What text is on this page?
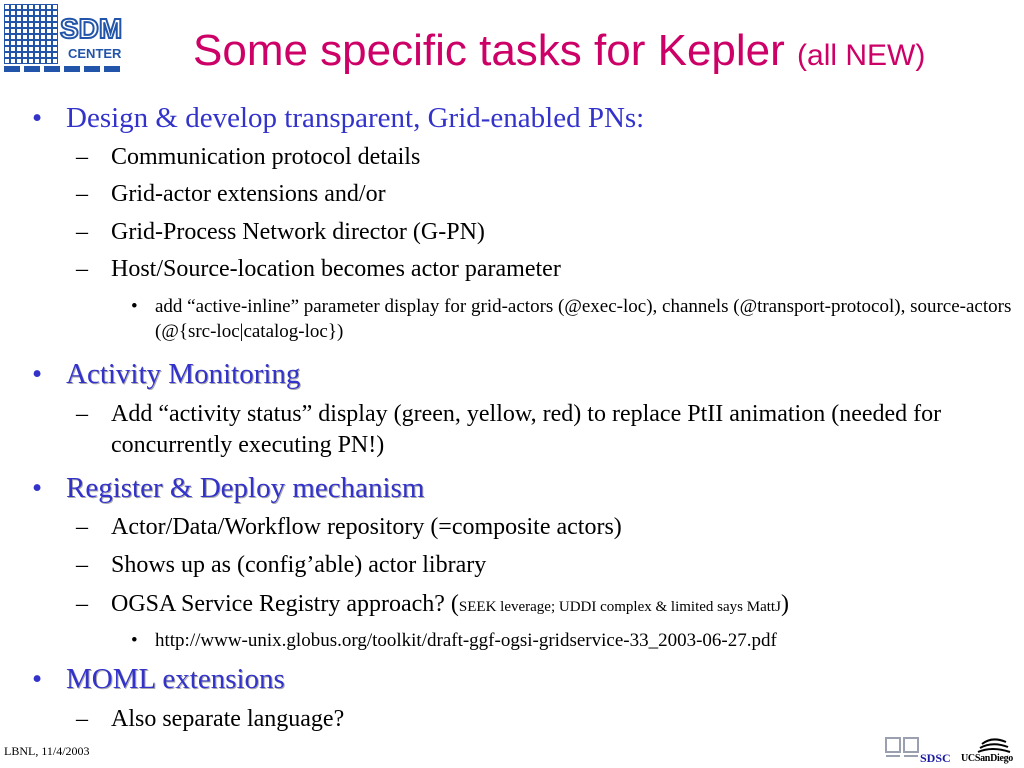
SDM
CENTER Some specific tasks for Kepler (all NEW)
• Design & develop transparent, Grid-enabled PNs:
– Communication protocol details
– Grid-actor extensions and/or
– Grid-Process Network director (G-PN)
– Host/Source-location becomes actor parameter
• add “active-inline” parameter display for grid-actors (@exec-loc), channels (@transport-protocol), source-actors (@{src-loc|catalog-loc})
• Activity Monitoring
– Add “activity status” display (green, yellow, red) to replace PtII animation (needed for concurrently executing PN!)
• Register & Deploy mechanism
– Actor/Data/Workflow repository (=composite actors)
– Shows up as (config’able) actor library
– OGSA Service Registry approach? (SEEK leverage; UDDI complex & limited says MattJ)
• http://www-unix.globus.org/toolkit/draft-ggf-ogsi-gridservice-33_2003-06-27.pdf
• MOML extensions
– Also separate language?
LBNL, 11/4/2003	SDSC UCSanDiego
